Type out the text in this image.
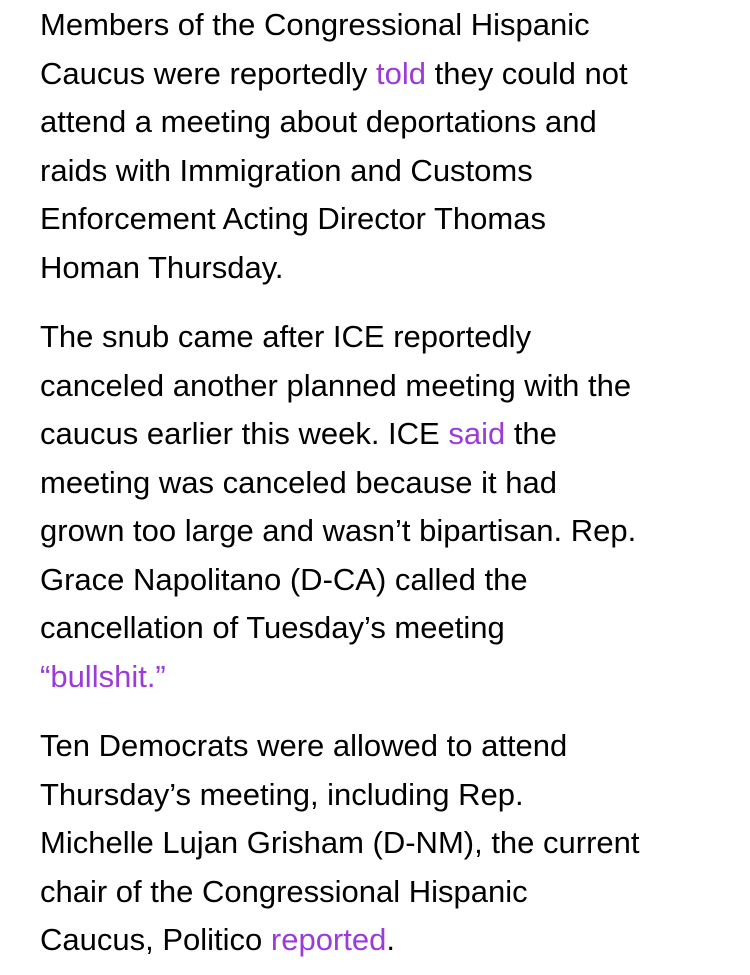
Members of the Congressional Hispanic
Caucus were reportedly told they could not
attend a meeting about deportations and
raids with Immigration and Customs
Enforcement Acting Director Thomas
Homan Thursday.

The snub came after ICE reportedly
canceled another planned meeting with the
caucus earlier this week. ICE said the
meeting was canceled because it had
grown too large and wasn’t bipartisan. Rep.
Grace Napolitano (D-CA) called the
cancellation of Tuesday’s meeting
“bullshit.”

Ten Democrats were allowed to attend
Thursday’s meeting, including Rep.
Michelle Lujan Grisham (D-NM), the current
chair of the Congressional Hispanic
Caucus, Politico reported.
